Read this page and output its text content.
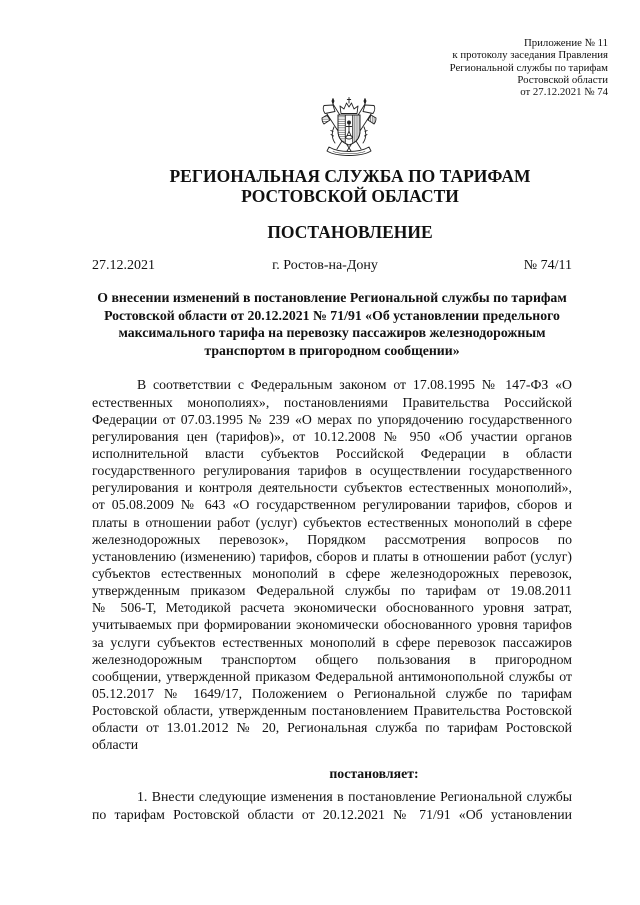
Приложение № 11
к протоколу заседания Правления
Региональной службы по тарифам
Ростовской области
от 27.12.2021 № 74
РЕГИОНАЛЬНАЯ СЛУЖБА ПО ТАРИФАМ
РОСТОВСКОЙ ОБЛАСТИ
ПОСТАНОВЛЕНИЕ
27.12.2021	г. Ростов-на-Дону	№ 74/11
О внесении изменений в постановление Региональной службы по тарифам
Ростовской области от 20.12.2021 № 71/91 «Об установлении предельного
максимального тарифа на перевозку пассажиров железнодорожным
транспортом в пригородном сообщении»
В соответствии с Федеральным законом от 17.08.1995 № 147-ФЗ «О
естественных монополиях», постановлениями Правительства Российской
Федерации от 07.03.1995 № 239 «О мерах по упорядочению государственного
регулирования цен (тарифов)», от 10.12.2008 № 950 «Об участии органов
исполнительной власти субъектов Российской Федерации в области
государственного регулирования тарифов в осуществлении государственного
регулирования и контроля деятельности субъектов естественных монополий»,
от 05.08.2009 № 643 «О государственном регулировании тарифов, сборов и
платы в отношении работ (услуг) субъектов естественных монополий в сфере
железнодорожных перевозок», Порядком рассмотрения вопросов по
установлению (изменению) тарифов, сборов и платы в отношении работ (услуг)
субъектов естественных монополий в сфере железнодорожных перевозок,
утвержденным приказом Федеральной службы по тарифам от 19.08.2011
№ 506-Т, Методикой расчета экономически обоснованного уровня затрат,
учитываемых при формировании экономически обоснованного уровня тарифов
за услуги субъектов естественных монополий в сфере перевозок пассажиров
железнодорожным транспортом общего пользования в пригородном
сообщении, утвержденной приказом Федеральной антимонопольной службы от
05.12.2017 № 1649/17, Положением о Региональной службе по тарифам
Ростовской области, утвержденным постановлением Правительства Ростовской
области от 13.01.2012 № 20, Региональная служба по тарифам Ростовской
области
постановляет:
1. Внести следующие изменения в постановление Региональной службы
по тарифам Ростовской области от 20.12.2021 № 71/91 «Об установлении
